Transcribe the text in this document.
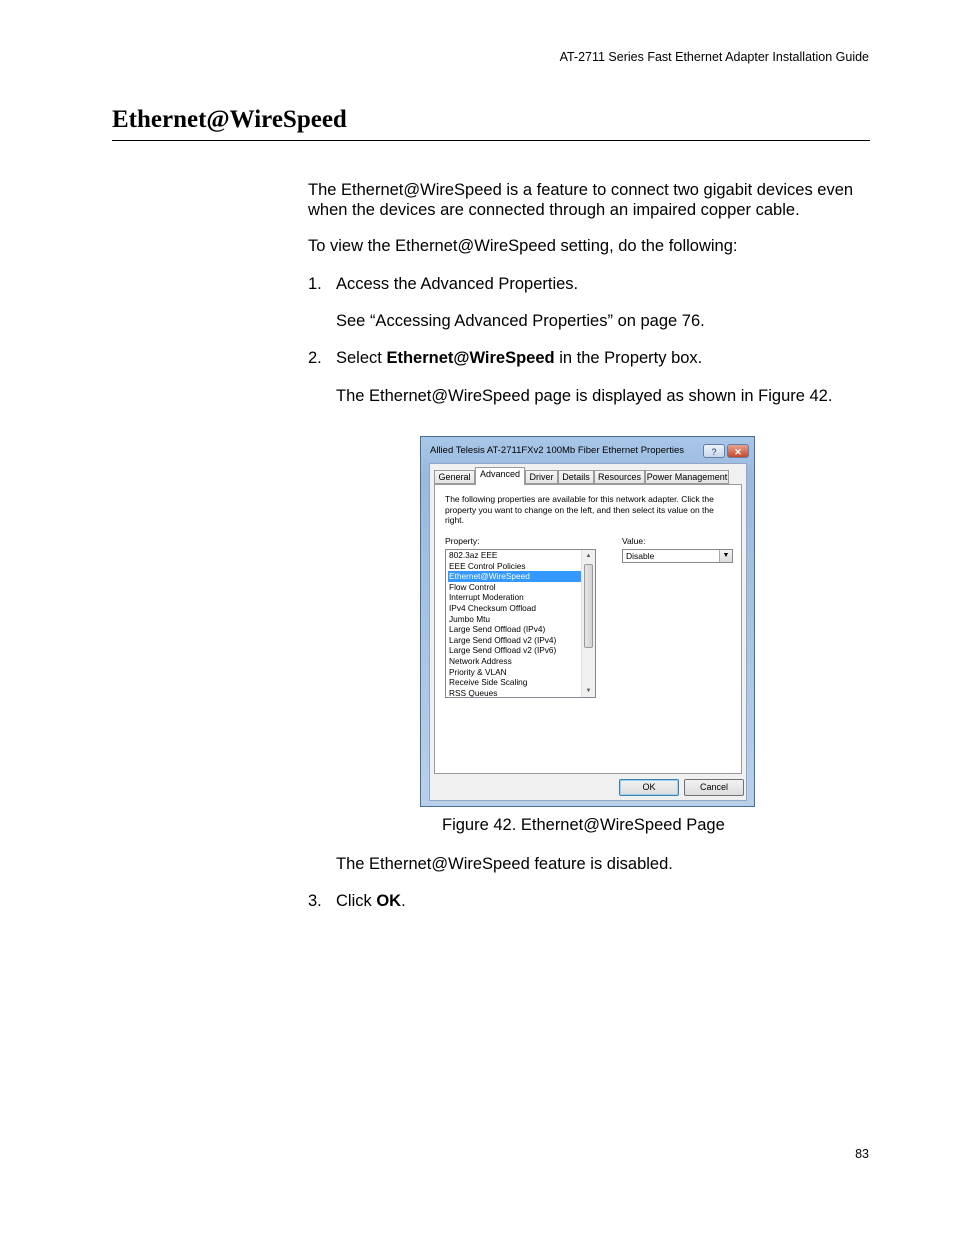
AT-2711 Series Fast Ethernet Adapter Installation Guide
Ethernet@WireSpeed
The Ethernet@WireSpeed is a feature to connect two gigabit devices even when the devices are connected through an impaired copper cable.
To view the Ethernet@WireSpeed setting, do the following:
1. Access the Advanced Properties.
See “Accessing Advanced Properties” on page 76.
2. Select Ethernet@WireSpeed in the Property box.
The Ethernet@WireSpeed page is displayed as shown in Figure 42.
Allied Telesis AT-2711FXv2 100Mb Fiber Ethernet Properties	?	✕
General	Advanced	Driver Details Resources Power Management
The following properties are available for this network adapter. Click the property you want to change on the left, and then select its value on the right.
Property:	Value:
802.3az EEE
EEE Control Policies
Ethernet@WireSpeed
Flow Control
Interrupt Moderation
IPv4 Checksum Offload
Jumbo Mtu
Large Send Offload (IPv4)
Large Send Offload v2 (IPv4)
Large Send Offload v2 (IPv6)
Network Address
Priority & VLAN
Receive Side Scaling
RSS Queues
▲
▼
Disable	▼
OK	Cancel
Figure 42. Ethernet@WireSpeed Page
The Ethernet@WireSpeed feature is disabled.
3. Click OK.
83
